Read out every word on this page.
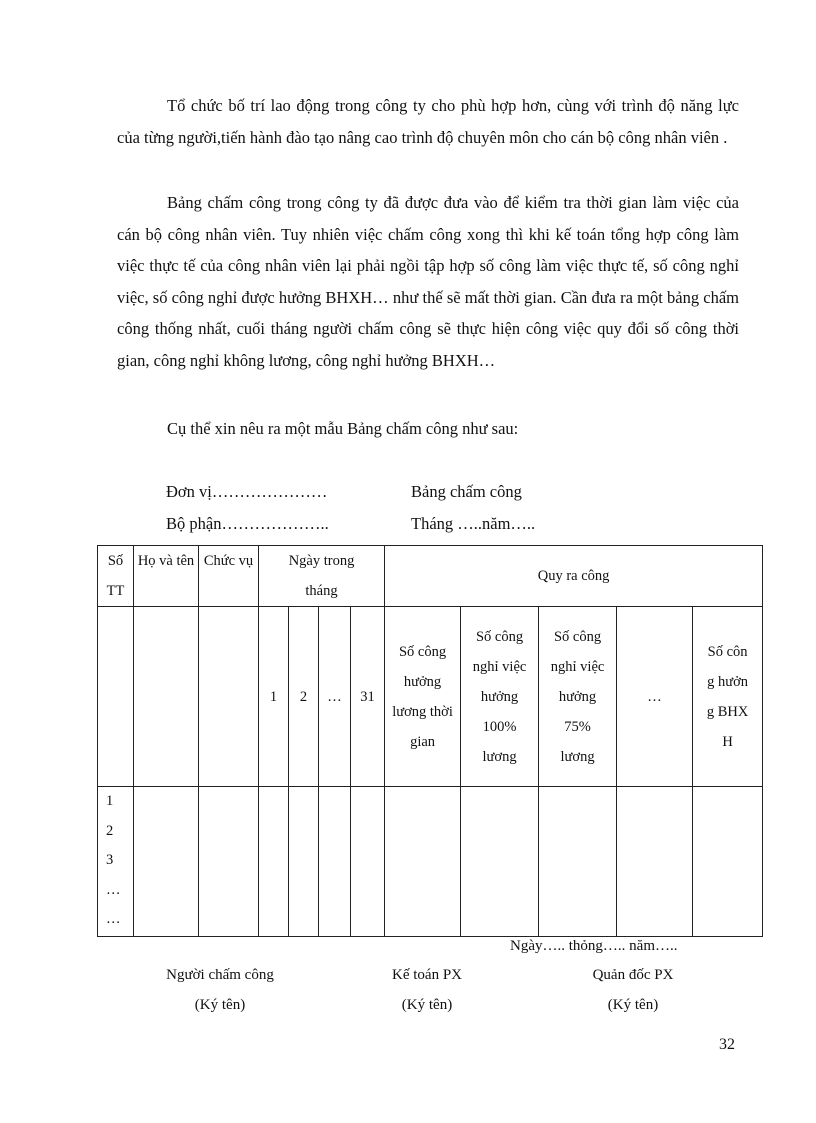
Tổ chức bố trí lao động trong công ty cho phù hợp hơn, cùng với trình độ năng lực của từng người,tiến hành đào tạo nâng cao trình độ chuyên môn cho cán bộ công nhân viên .

Bảng chấm công trong công ty đã được đưa vào để kiểm tra thời gian làm việc của cán bộ công nhân viên. Tuy nhiên việc chấm công xong thì khi kế toán tổng hợp công làm việc thực tế của công nhân viên lại phải ngồi tập hợp số công làm việc thực tế, số công nghỉ việc, số công nghỉ được hưởng BHXH… như thế sẽ mất thời gian. Cần đưa ra một bảng chấm công thống nhất, cuối tháng người chấm công sẽ thực hiện công việc quy đổi số công thời gian, công nghỉ không lương, công nghỉ hưởng BHXH…

Cụ thể xin nêu ra một mẫu Bảng chấm công như sau:

Đơn vị…………………
Bộ phận………………..
Bảng chấm công
Tháng …..năm…..
Số TT	Họ và tên	Chức vụ	Ngày trong tháng				Quy ra công				
			1	2	…	31	Số công hưởng lương thời gian	Số công nghỉ việc hưởng 100% lương	Số công nghỉ việc hưởng 75% lương	…	Số công hưởng BHXH

1
2
3
…
…											

Ngày….. thỏng….. năm…..
Người chấm công
(Ký tên)
Kế toán PX
(Ký tên)
Quản đốc PX
(Ký tên)
32
